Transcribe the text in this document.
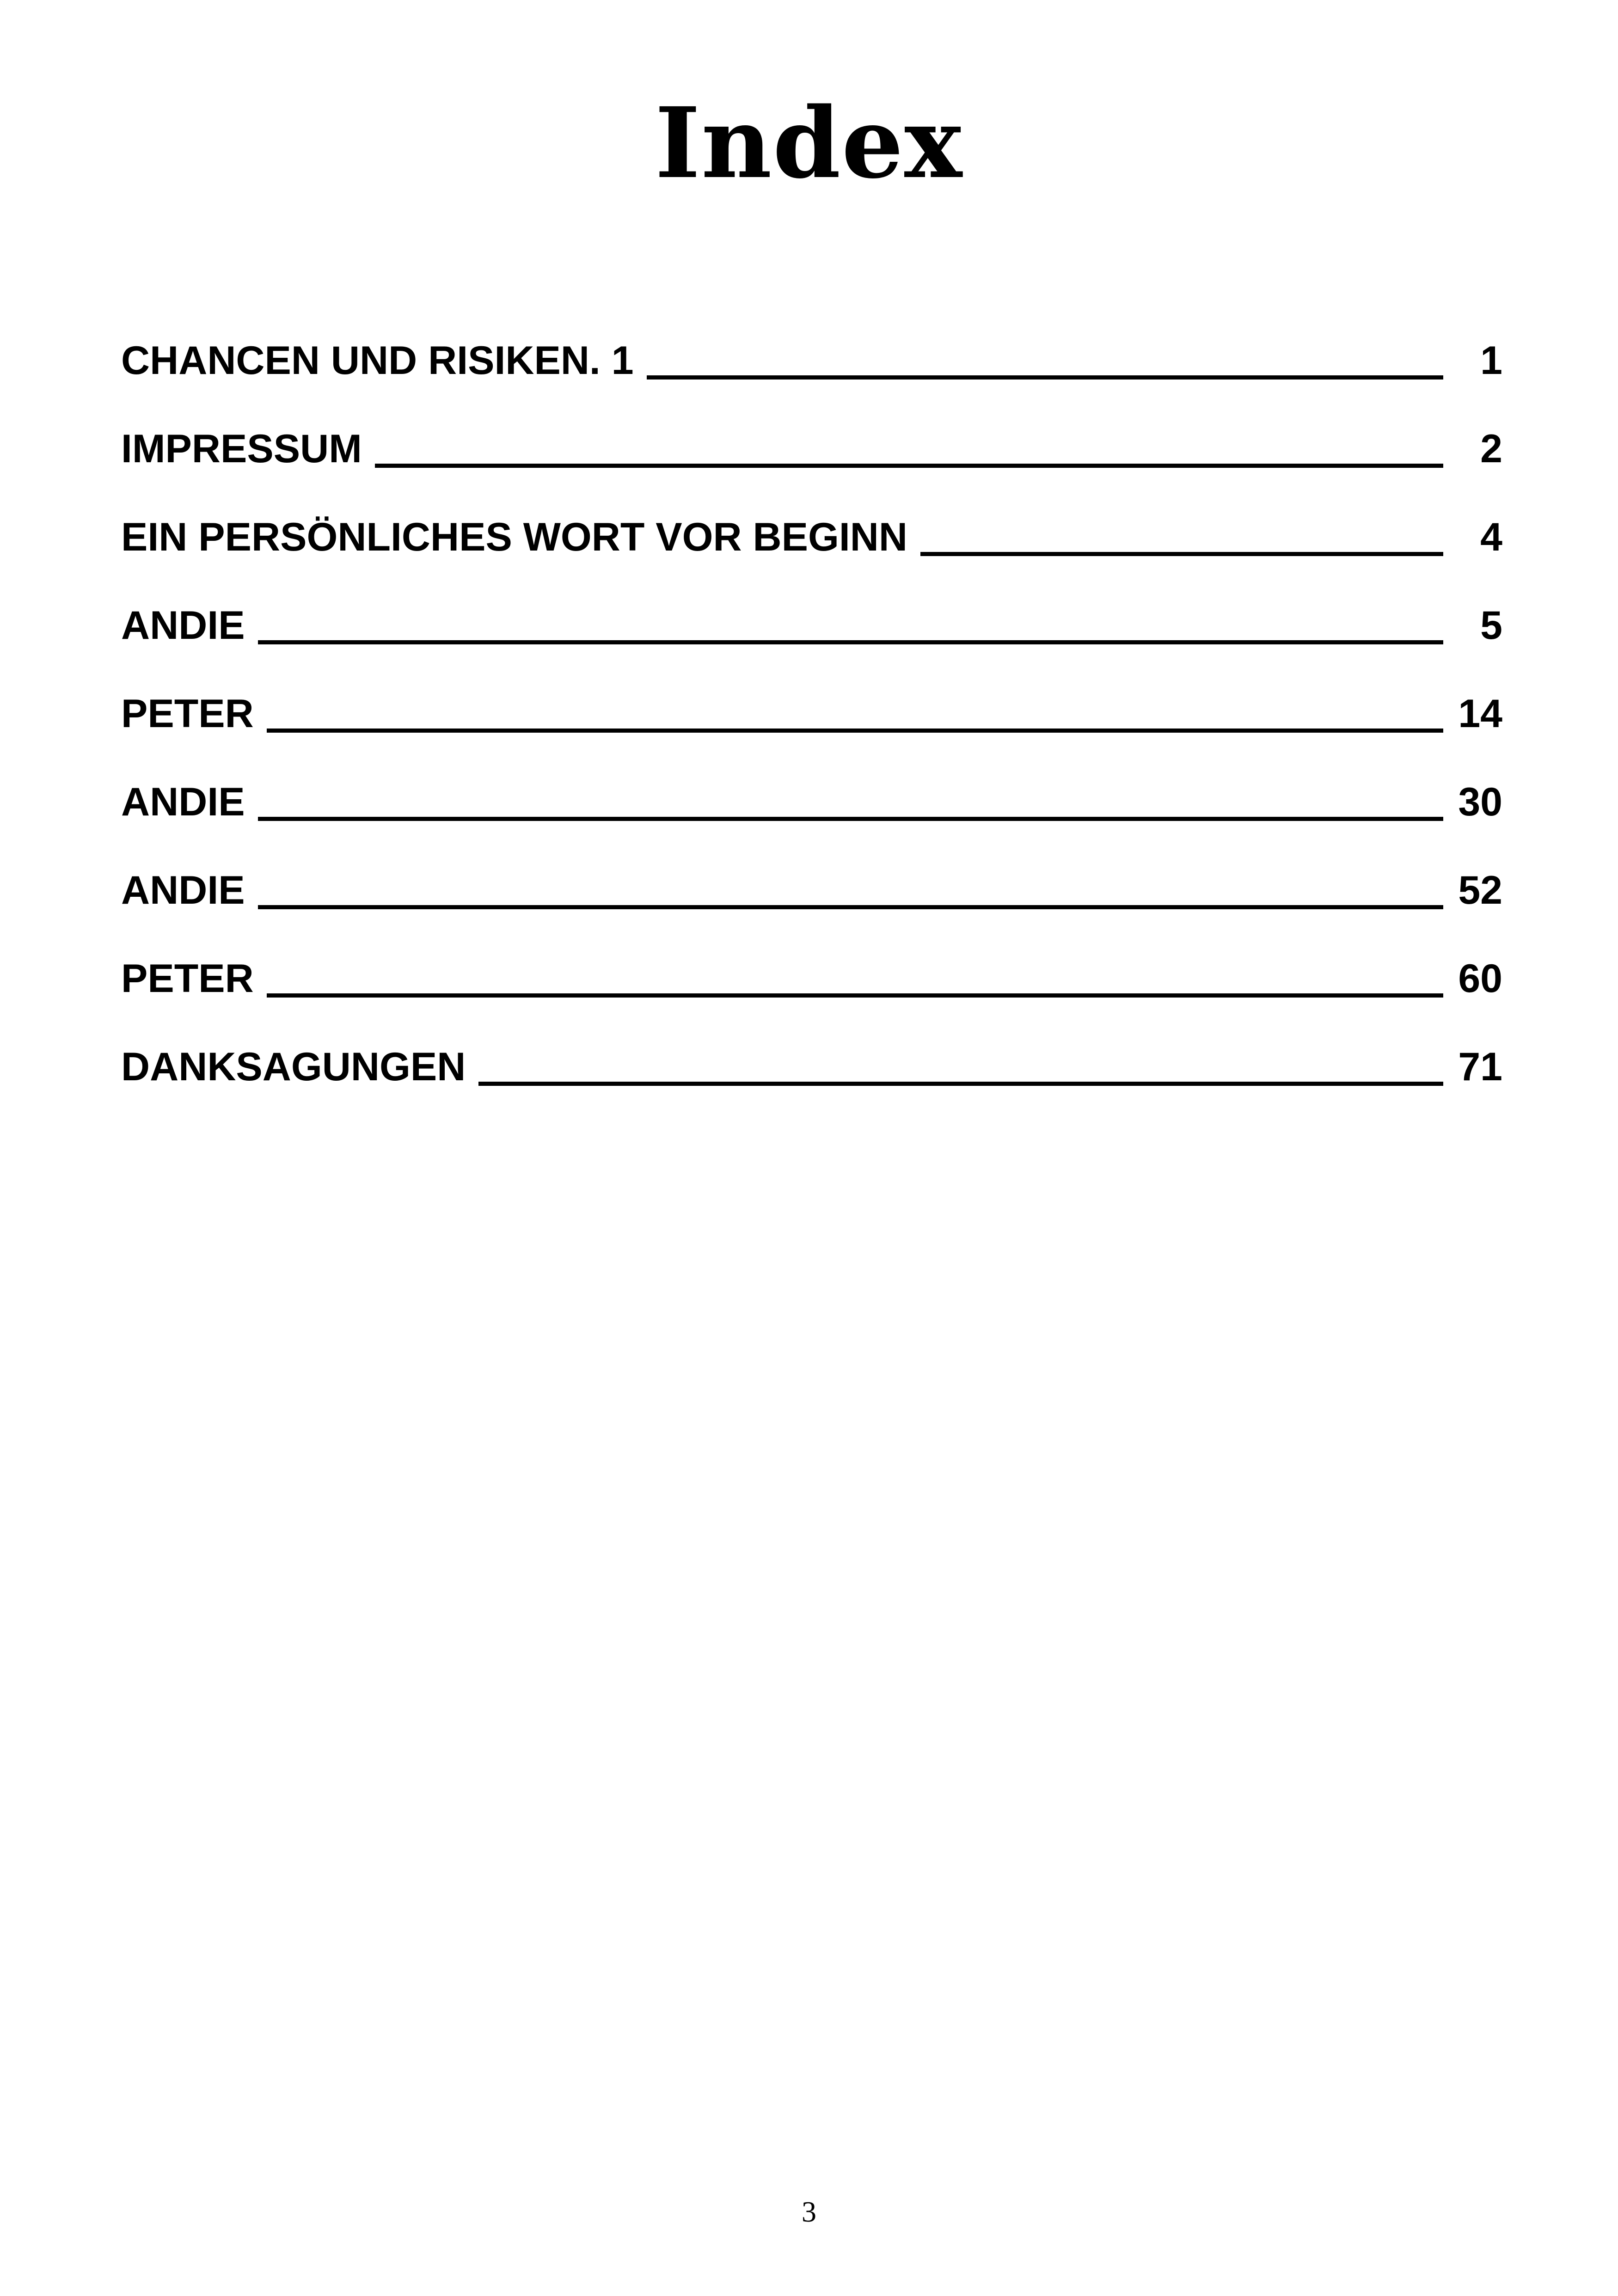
Index
CHANCEN UND RISIKEN. 1	1
IMPRESSUM	2
EIN PERSÖNLICHES WORT VOR BEGINN	4
ANDIE	5
PETER	14
ANDIE	30
ANDIE	52
PETER	60
DANKSAGUNGEN	71
3
